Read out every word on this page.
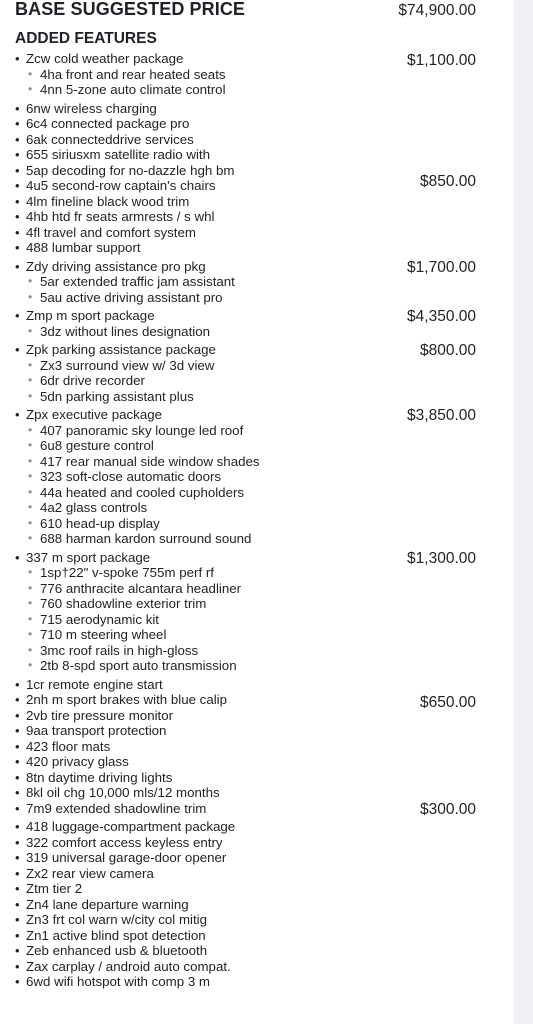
BASE SUGGESTED PRICE	$74,900.00
ADDED FEATURES
• Zcw cold weather package
• 4ha front and rear heated seats
• 4nn 5-zone auto climate control
$1,100.00
• 6nw wireless charging
• 6c4 connected package pro
• 6ak connecteddrive services
• 655 siriusxm satellite radio with
• 5ap decoding for no-dazzle hgh bm
• 4u5 second-row captain's chairs
• 4lm fineline black wood trim
• 4hb htd fr seats armrests / s whl
• 4fl travel and comfort system
• 488 lumbar support
$850.00
• Zdy driving assistance pro pkg
• 5ar extended traffic jam assistant
• 5au active driving assistant pro
$1,700.00
• Zmp m sport package
• 3dz without lines designation
$4,350.00
• Zpk parking assistance package
• Zx3 surround view w/ 3d view
• 6dr drive recorder
• 5dn parking assistant plus
$800.00
• Zpx executive package
• 407 panoramic sky lounge led roof
• 6u8 gesture control
• 417 rear manual side window shades
• 323 soft-close automatic doors
• 44a heated and cooled cupholders
• 4a2 glass controls
• 610 head-up display
• 688 harman kardon surround sound
$3,850.00
• 337 m sport package
• 1sp†22" v-spoke 755m perf rf
• 776 anthracite alcantara headliner
• 760 shadowline exterior trim
• 715 aerodynamic kit
• 710 m steering wheel
• 3mc roof rails in high-gloss
• 2tb 8-spd sport auto transmission
$1,300.00
• 1cr remote engine start
• 2nh m sport brakes with blue calip
• 2vb tire pressure monitor
• 9aa transport protection
• 423 floor mats
• 420 privacy glass
• 8tn daytime driving lights
• 8kl oil chg 10,000 mls/12 months
• 7m9 extended shadowline trim
$650.00
• 418 luggage-compartment package
• 322 comfort access keyless entry
• 319 universal garage-door opener
• Zx2 rear view camera
• Ztm tier 2
• Zn4 lane departure warning
• Zn3 frt col warn w/city col mitig
• Zn1 active blind spot detection
• Zeb enhanced usb & bluetooth
• Zax carplay / android auto compat.
• 6wd wifi hotspot with comp 3 m
$300.00
